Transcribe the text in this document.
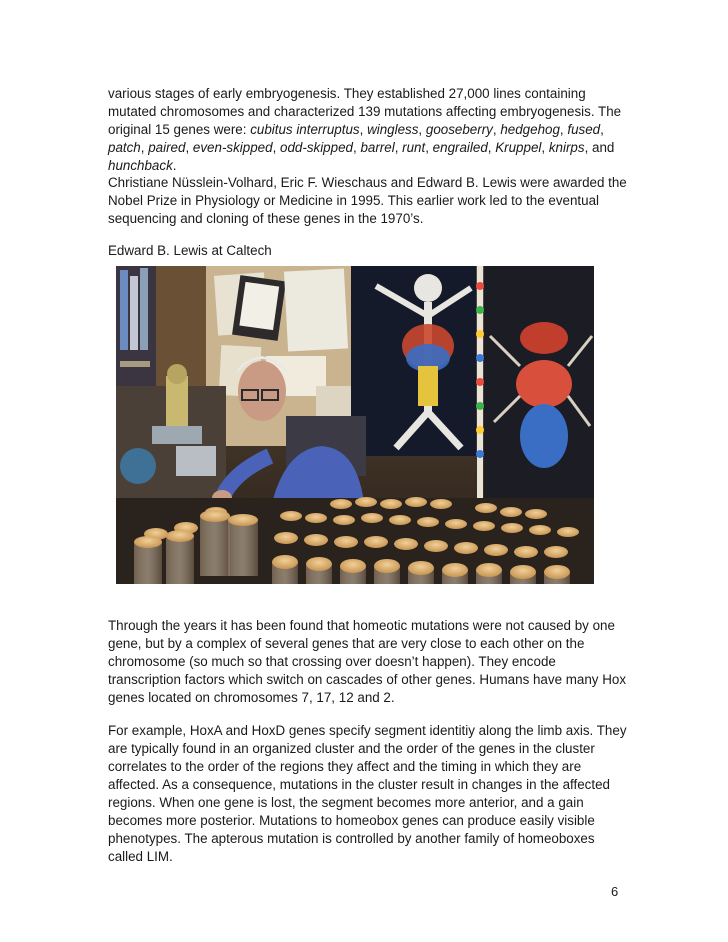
various stages of early embryogenesis. They established 27,000 lines containing mutated chromosomes and characterized 139 mutations affecting embryogenesis. The original 15 genes were: cubitus interruptus, wingless, gooseberry, hedgehog, fused, patch, paired, even-skipped, odd-skipped, barrel, runt, engrailed, Kruppel, knirps, and hunchback.

Christiane Nüsslein-Volhard, Eric F. Wieschaus and Edward B. Lewis were awarded the Nobel Prize in Physiology or Medicine in 1995. This earlier work led to the eventual sequencing and cloning of these genes in the 1970’s.

Edward B. Lewis at Caltech

Through the years it has been found that homeotic mutations were not caused by one gene, but by a complex of several genes that are very close to each other on the chromosome (so much so that crossing over doesn’t happen). They encode transcription factors which switch on cascades of other genes. Humans have many Hox genes located on chromosomes 7, 17, 12 and 2.

For example, HoxA and HoxD genes specify segment identitiy along the limb axis. They are typically found in an organized cluster and the order of the genes in the cluster correlates to the order of the regions they affect and the timing in which they are affected. As a consequence, mutations in the cluster result in changes in the affected regions. When one gene is lost, the segment becomes more anterior, and a gain becomes more posterior. Mutations to homeobox genes can produce easily visible phenotypes. The apterous mutation is controlled by another family of homeoboxes called LIM.

6
